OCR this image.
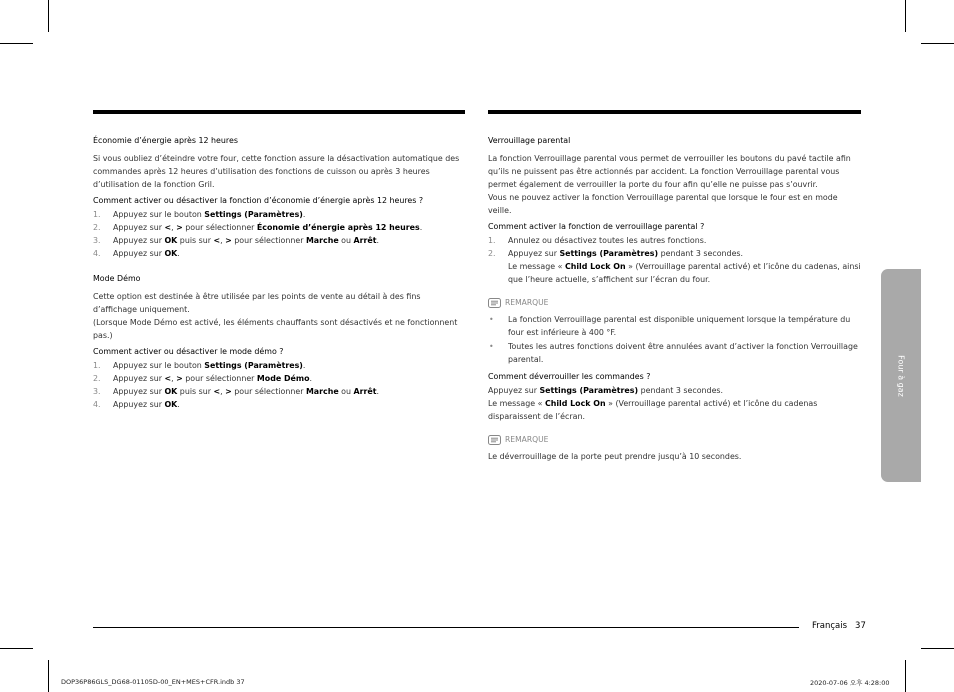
Économie d’énergie après 12 heures

Si vous oubliez d’éteindre votre four, cette fonction assure la désactivation automatique des commandes après 12 heures d’utilisation des fonctions de cuisson ou après 3 heures d’utilisation de la fonction Gril.

Comment activer ou désactiver la fonction d’économie d’énergie après 12 heures ?

1. Appuyez sur le bouton Settings (Paramètres).
2. Appuyez sur <, > pour sélectionner Économie d’énergie après 12 heures.
3. Appuyez sur OK puis sur <, > pour sélectionner Marche ou Arrêt.
4. Appuyez sur OK.

Mode Démo

Cette option est destinée à être utilisée par les points de vente au détail à des fins d’affichage uniquement.

(Lorsque Mode Démo est activé, les éléments chauffants sont désactivés et ne fonctionnent pas.)

Comment activer ou désactiver le mode démo ?

1. Appuyez sur le bouton Settings (Paramètres).
2. Appuyez sur <, > pour sélectionner Mode Démo.
3. Appuyez sur OK puis sur <, > pour sélectionner Marche ou Arrêt.
4. Appuyez sur OK.

Verrouillage parental

La fonction Verrouillage parental vous permet de verrouiller les boutons du pavé tactile afin qu’ils ne puissent pas être actionnés par accident. La fonction Verrouillage parental vous permet également de verrouiller la porte du four afin qu’elle ne puisse pas s’ouvrir.

Vous ne pouvez activer la fonction Verrouillage parental que lorsque le four est en mode veille.

Comment activer la fonction de verrouillage parental ?

1. Annulez ou désactivez toutes les autres fonctions.
2. Appuyez sur Settings (Paramètres) pendant 3 secondes.
Le message « Child Lock On » (Verrouillage parental activé) et l’icône du cadenas, ainsi que l’heure actuelle, s’affichent sur l’écran du four.
REMARQUE
• La fonction Verrouillage parental est disponible uniquement lorsque la température du four est inférieure à 400 °F.
• Toutes les autres fonctions doivent être annulées avant d’activer la fonction Verrouillage parental.

Comment déverrouiller les commandes ?

Appuyez sur Settings (Paramètres) pendant 3 secondes.

Le message « Child Lock On » (Verrouillage parental activé) et l’icône du cadenas disparaissent de l’écran.

REMARQUE

Le déverrouillage de la porte peut prendre jusqu’à 10 secondes.

Four à gaz
Français 37
DOP36P86GLS_DG68-01105D-00_EN+MES+CFR.indb 37	2020-07-06 오후 4:28:00
